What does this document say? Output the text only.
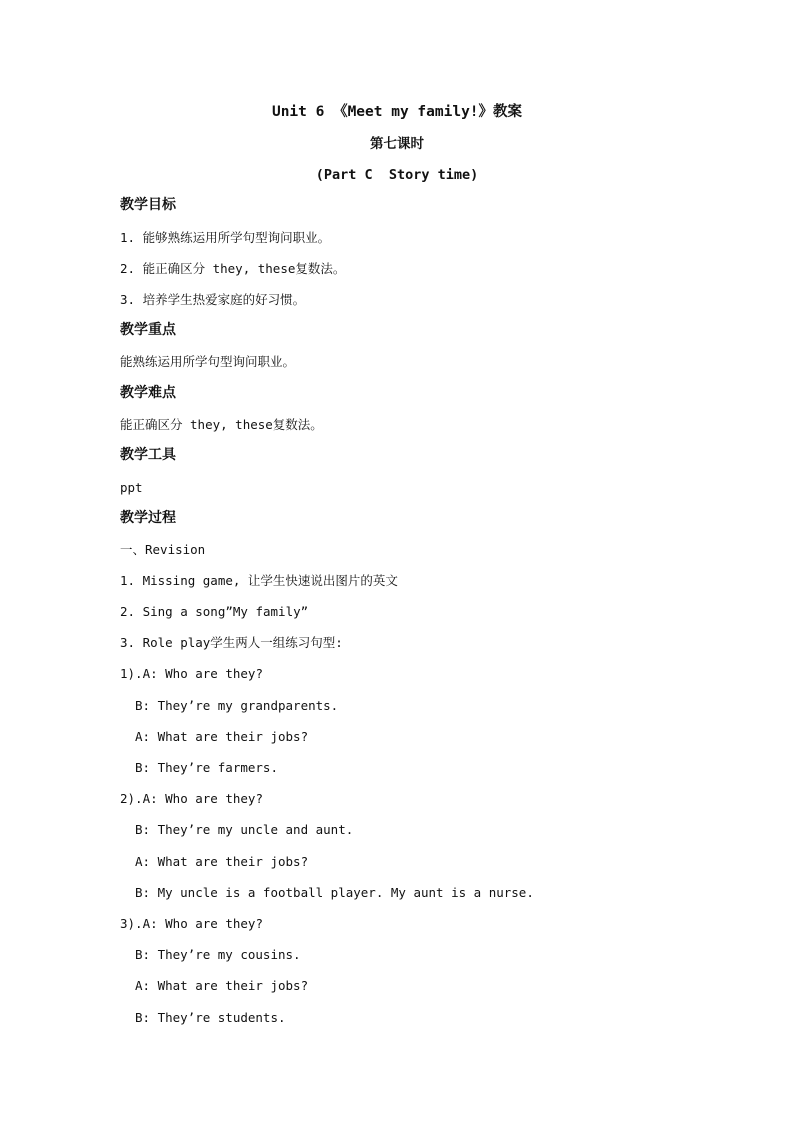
Unit 6 《Meet my family!》教案
第七课时
(Part C  Story time)
教学目标
1. 能够熟练运用所学句型询问职业。
2. 能正确区分 they, these复数法。
3. 培养学生热爱家庭的好习惯。
教学重点
能熟练运用所学句型询问职业。
教学难点
能正确区分 they, these复数法。
教学工具
ppt
教学过程
一、Revision
1. Missing game, 让学生快速说出图片的英文
2. Sing a song”My family”
3. Role play学生两人一组练习句型:
1).A: Who are they?
B: They’re my grandparents.
A: What are their jobs?
B: They’re farmers.
2).A: Who are they?
B: They’re my uncle and aunt.
A: What are their jobs?
B: My uncle is a football player. My aunt is a nurse.
3).A: Who are they?
B: They’re my cousins.
A: What are their jobs?
B: They’re students.
